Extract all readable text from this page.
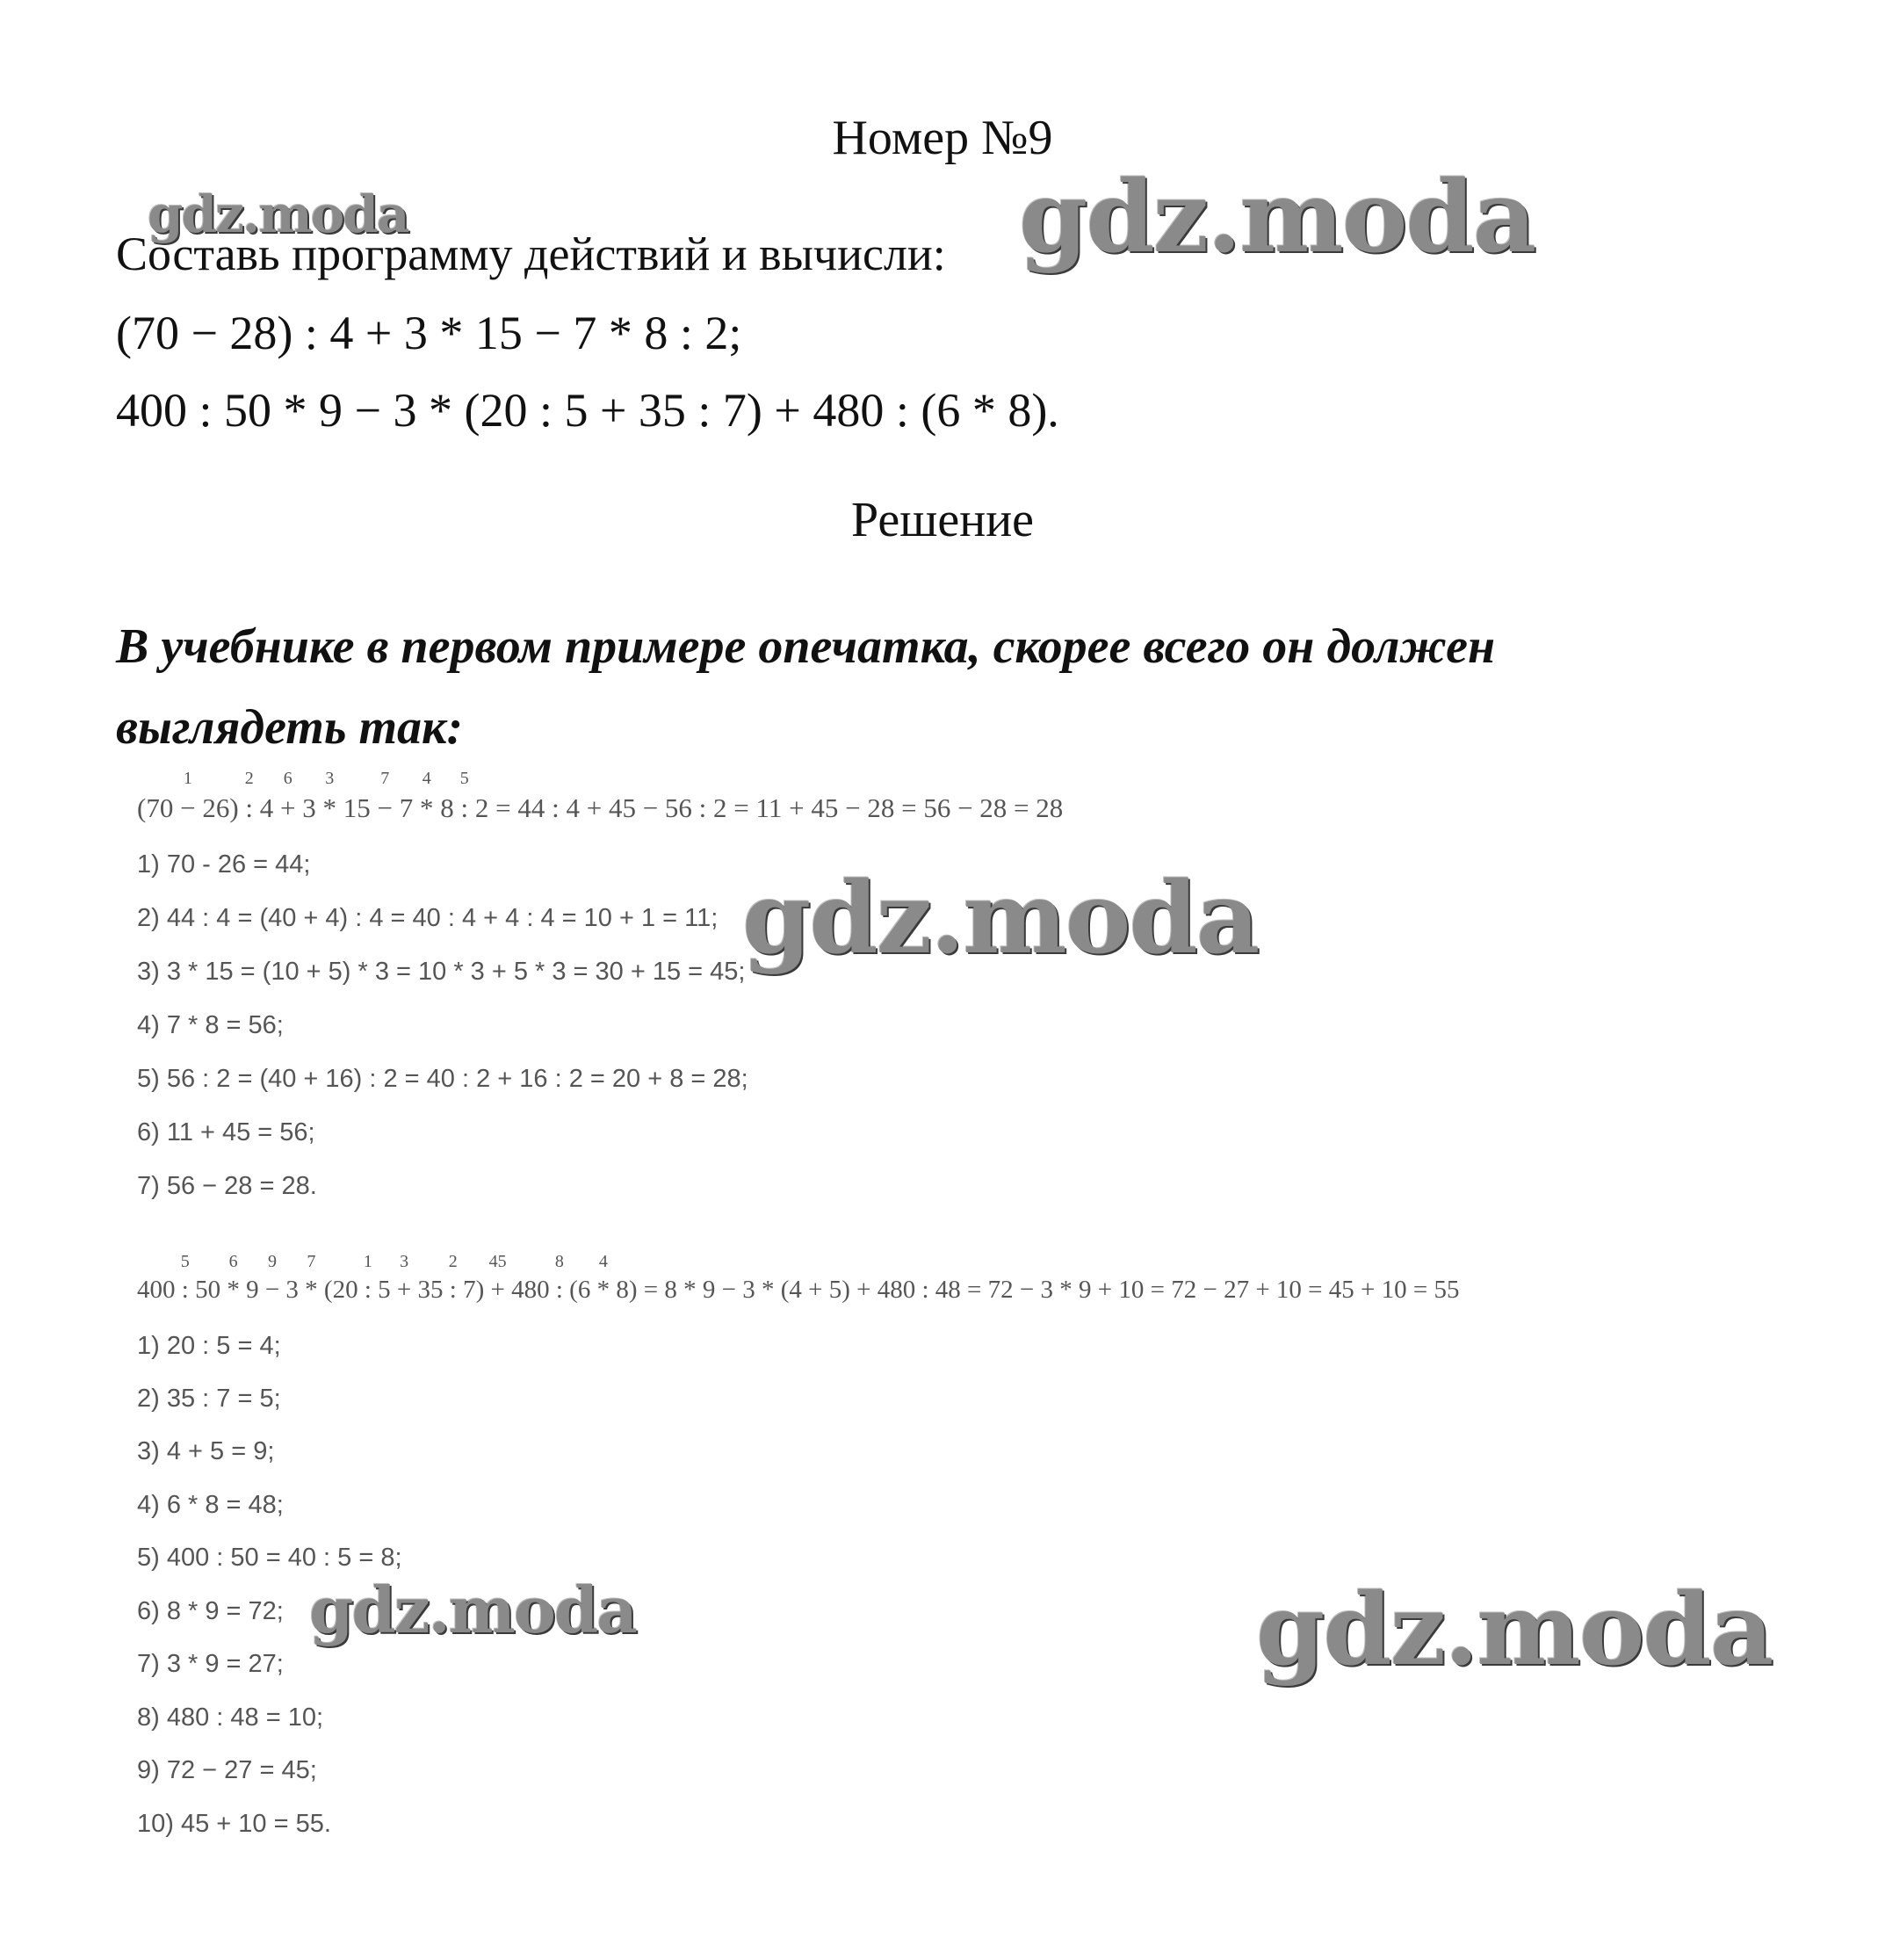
Номер №9
Составь программу действий и вычисли:
(70 − 28) : 4 + 3 * 15 − 7 * 8 : 2;
400 : 50 * 9 − 3 * (20 : 5 + 35 : 7) + 480 : (6 * 8).
Решение
В учебнике в первом примере опечатка, скорее всего он должен
выглядеть так:
(70
1
− 26)
2
: 4
6
+ 3
3
* 15
7
− 7
4
* 8
5
: 2 = 44 : 4 + 45 − 56 : 2 = 11 + 45 − 28 = 56 − 28 = 28
1) 70 - 26 = 44;
2) 44 : 4 = (40 + 4) : 4 = 40 : 4 + 4 : 4 = 10 + 1 = 11;
3) 3 * 15 = (10 + 5) * 3 = 10 * 3 + 5 * 3 = 30 + 15 = 45;
4) 7 * 8 = 56;
5) 56 : 2 = (40 + 16) : 2 = 40 : 2 + 16 : 2 = 20 + 8 = 28;
6) 11 + 45 = 56;
7) 56 − 28 = 28.
400
5
: 50
6
* 9
9
− 3
7
* (20
1
: 5
3
+ 35
2
: 7)
45
+ 480
8
: (6
4
* 8) = 8 * 9 − 3 * (4 + 5) + 480 : 48 = 72 − 3 * 9 + 10 = 72 − 27 + 10 = 45 + 10 = 55
1) 20 : 5 = 4;
2) 35 : 7 = 5;
3) 4 + 5 = 9;
4) 6 * 8 = 48;
5) 400 : 50 = 40 : 5 = 8;
6) 8 * 9 = 72;
7) 3 * 9 = 27;
8) 480 : 48 = 10;
9) 72 − 27 = 45;
10) 45 + 10 = 55.
gdz.moda	gdz.moda
gdz.moda
gdz.moda	gdz.moda
